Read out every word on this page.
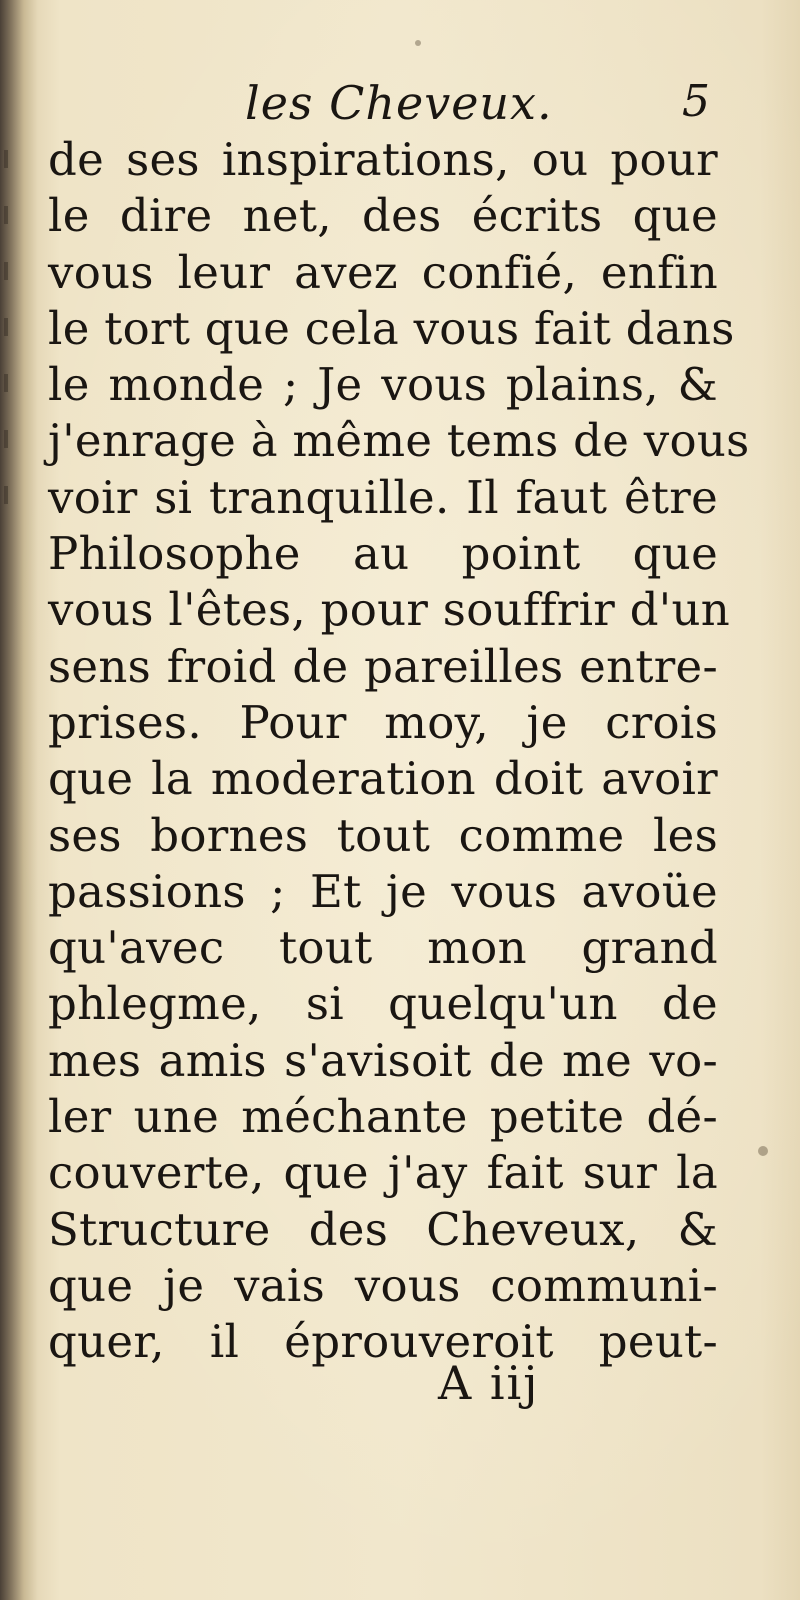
les Cheveux.	5
de ses inspirations, ou pour
le dire net, des écrits que
vous leur avez confié, enfin
le tort que cela vous fait dans
le monde ; Je vous plains, &
j'enrage à même tems de vous
voir si tranquille. Il faut être
Philosophe au point que
vous l'êtes, pour souffrir d'un
sens froid de pareilles entre-
prises. Pour moy, je crois
que la moderation doit avoir
ses bornes tout comme les
passions ; Et je vous avoüe
qu'avec tout mon grand
phlegme, si quelqu'un de
mes amis s'avisoit de me vo-
ler une méchante petite dé-
couverte, que j'ay fait sur la
Structure des Cheveux, &
que je vais vous communi-
quer, il éprouveroit peut-
A iij
